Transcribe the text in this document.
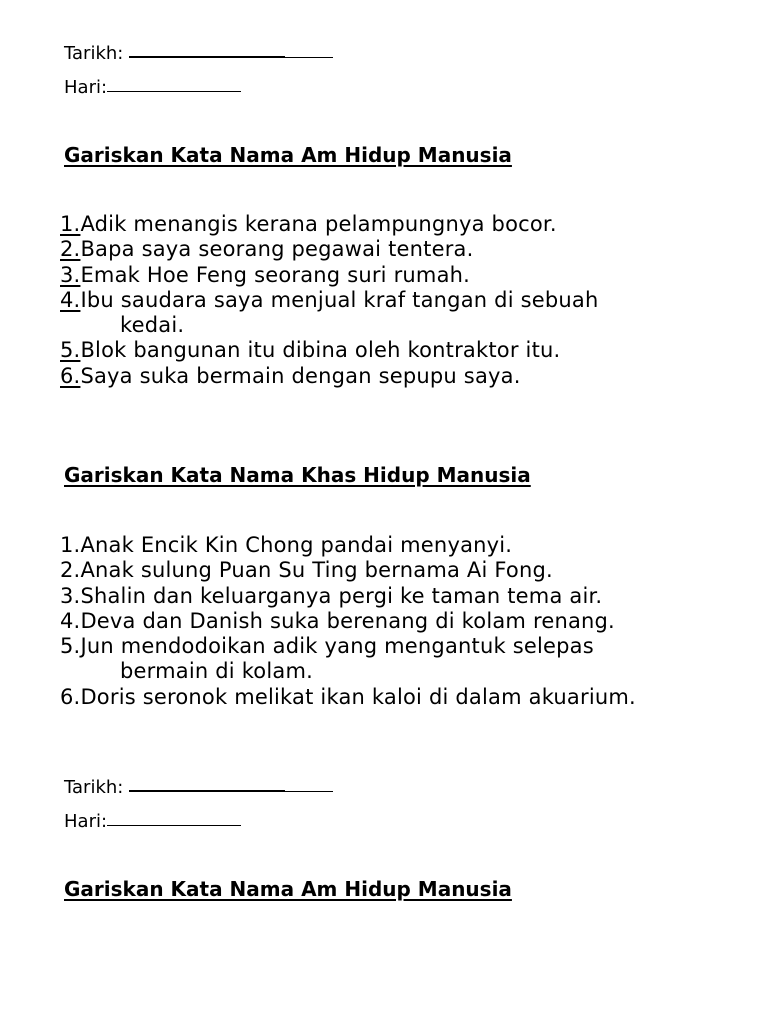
Tarikh:
Hari:
Gariskan Kata Nama Am Hidup Manusia
1.Adik menangis kerana pelampungnya bocor.
2.Bapa saya seorang pegawai tentera.
3.Emak Hoe Feng seorang suri rumah.
4.Ibu saudara saya menjual kraf tangan di sebuah
kedai.
5.Blok bangunan itu dibina oleh kontraktor itu.
6.Saya suka bermain dengan sepupu saya.
Gariskan Kata Nama Khas Hidup Manusia
1.Anak Encik Kin Chong pandai menyanyi.
2.Anak sulung Puan Su Ting bernama Ai Fong.
3.Shalin dan keluarganya pergi ke taman tema air.
4.Deva dan Danish suka berenang di kolam renang.
5.Jun mendodoikan adik yang mengantuk selepas
bermain di kolam.
6.Doris seronok melikat ikan kaloi di dalam akuarium.
Tarikh:
Hari:
Gariskan Kata Nama Am Hidup Manusia
